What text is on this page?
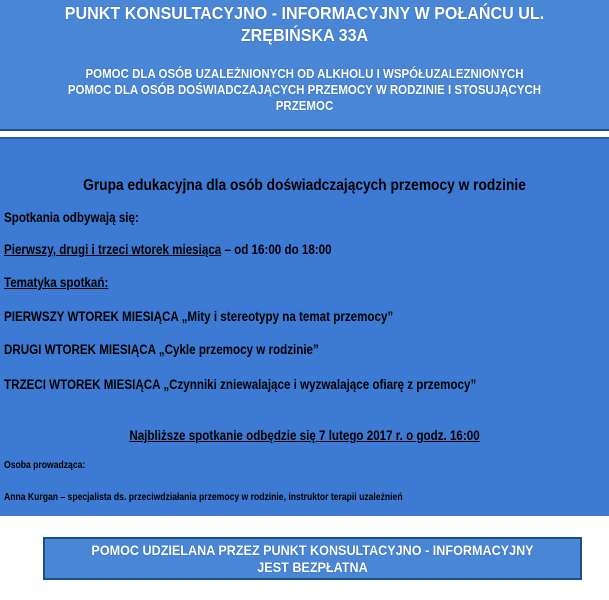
PUNKT KONSULTACYJNO - INFORMACYJNY W POŁAŃCU UL.
ZRĘBIŃSKA 33A
POMOC DLA OSÓB UZALEŻNIONYCH OD ALKHOLU I WSPÓŁUZALEZNIONYCH
POMOC DLA OSÓB DOŚWIADCZAJĄCYCH PRZEMOCY W RODZINIE I STOSUJĄCYCH
PRZEMOC
Grupa edukacyjna dla osób doświadczających przemocy w rodzinie
Spotkania odbywają się:
Pierwszy, drugi i trzeci wtorek miesiąca – od 16:00 do 18:00
Tematyka spotkań:
PIERWSZY WTOREK MIESIĄCA „Mity i stereotypy na temat przemocy”
DRUGI WTOREK MIESIĄCA „Cykle przemocy w rodzinie”
TRZECI WTOREK MIESIĄCA „Czynniki zniewalające i wyzwalające ofiarę z przemocy”
Najbliższe spotkanie odbędzie się 7 lutego 2017 r. o godz. 16:00
Osoba prowadząca:
Anna Kurgan – specjalista ds. przeciwdziałania przemocy w rodzinie, instruktor terapii uzależnień
POMOC UDZIELANA PRZEZ PUNKT KONSULTACYJNO - INFORMACYJNY
JEST BEZPŁATNA
